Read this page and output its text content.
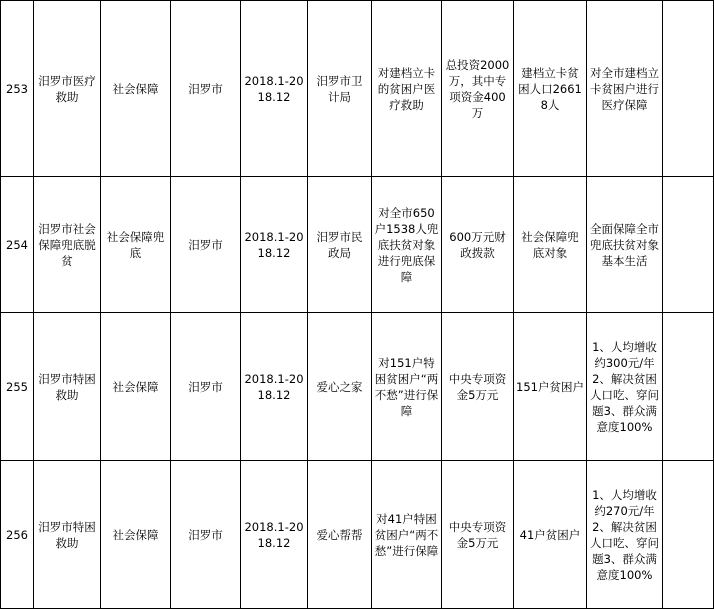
253	汨罗市医疗救助	社会保障	汨罗市	2018.1-2018.12	汨罗市卫计局	对建档立卡的贫困户医疗救助	总投资2000万，其中专项资金400万	建档立卡贫困人口26618人	对全市建档立卡贫困户进行医疗保障	
254	汨罗市社会保障兜底脱贫	社会保障兜底	汨罗市	2018.1-2018.12	汨罗市民政局	对全市650户1538人兜底扶贫对象进行兜底保障	600万元财政拨款	社会保障兜底对象	全面保障全市兜底扶贫对象基本生活	
255	汨罗市特困救助	社会保障	汨罗市	2018.1-2018.12	爱心之家	对151户特困贫困户“两不愁”进行保障	中央专项资金5万元	151户贫困户	1、人均增收约300元/年2、解决贫困人口吃、穿问题3、群众满意度100%	
256	汨罗市特困救助	社会保障	汨罗市	2018.1-2018.12	爱心帮帮	对41户特困贫困户“两不愁”进行保障	中央专项资金5万元	41户贫困户	1、人均增收约270元/年2、解决贫困人口吃、穿问题3、群众满意度100%	
